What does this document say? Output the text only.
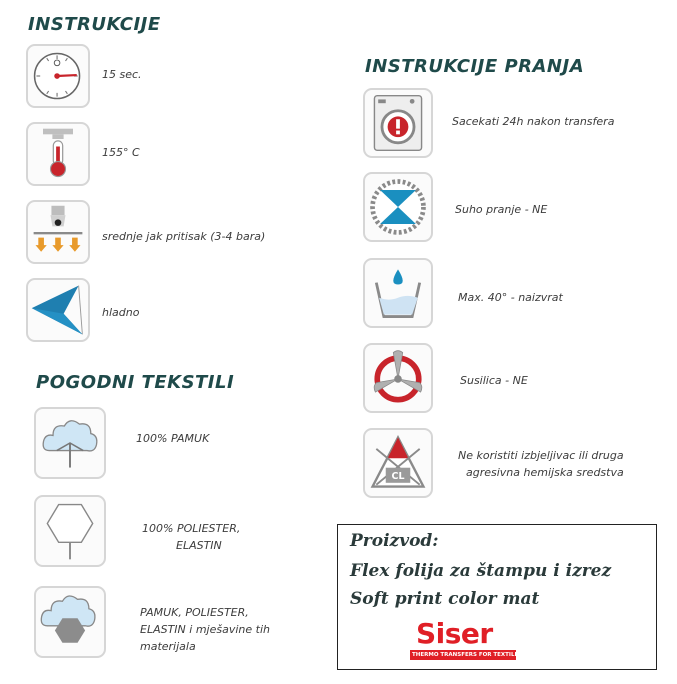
INSTRUKCIJE
INSTRUKCIJE PRANJA
POGODNI TEKSTILI
15 sec.
155° C
srednje jak pritisak (3-4 bara)
hladno
100% PAMUK
100% POLIESTER,
ELASTIN
PAMUK, POLIESTER,
ELASTIN i mješavine tih
materijala
Sacekati 24h nakon transfera
Suho pranje - NE
Max. 40° - naizvrat
Susilica - NE
CL
Ne koristiti izbjeljivac ili druga
agresivna hemijska sredstva
Proizvod:
Flex folija za štampu i izrez
Soft print color mat
Siser
THERMO TRANSFERS FOR TEXTILES
